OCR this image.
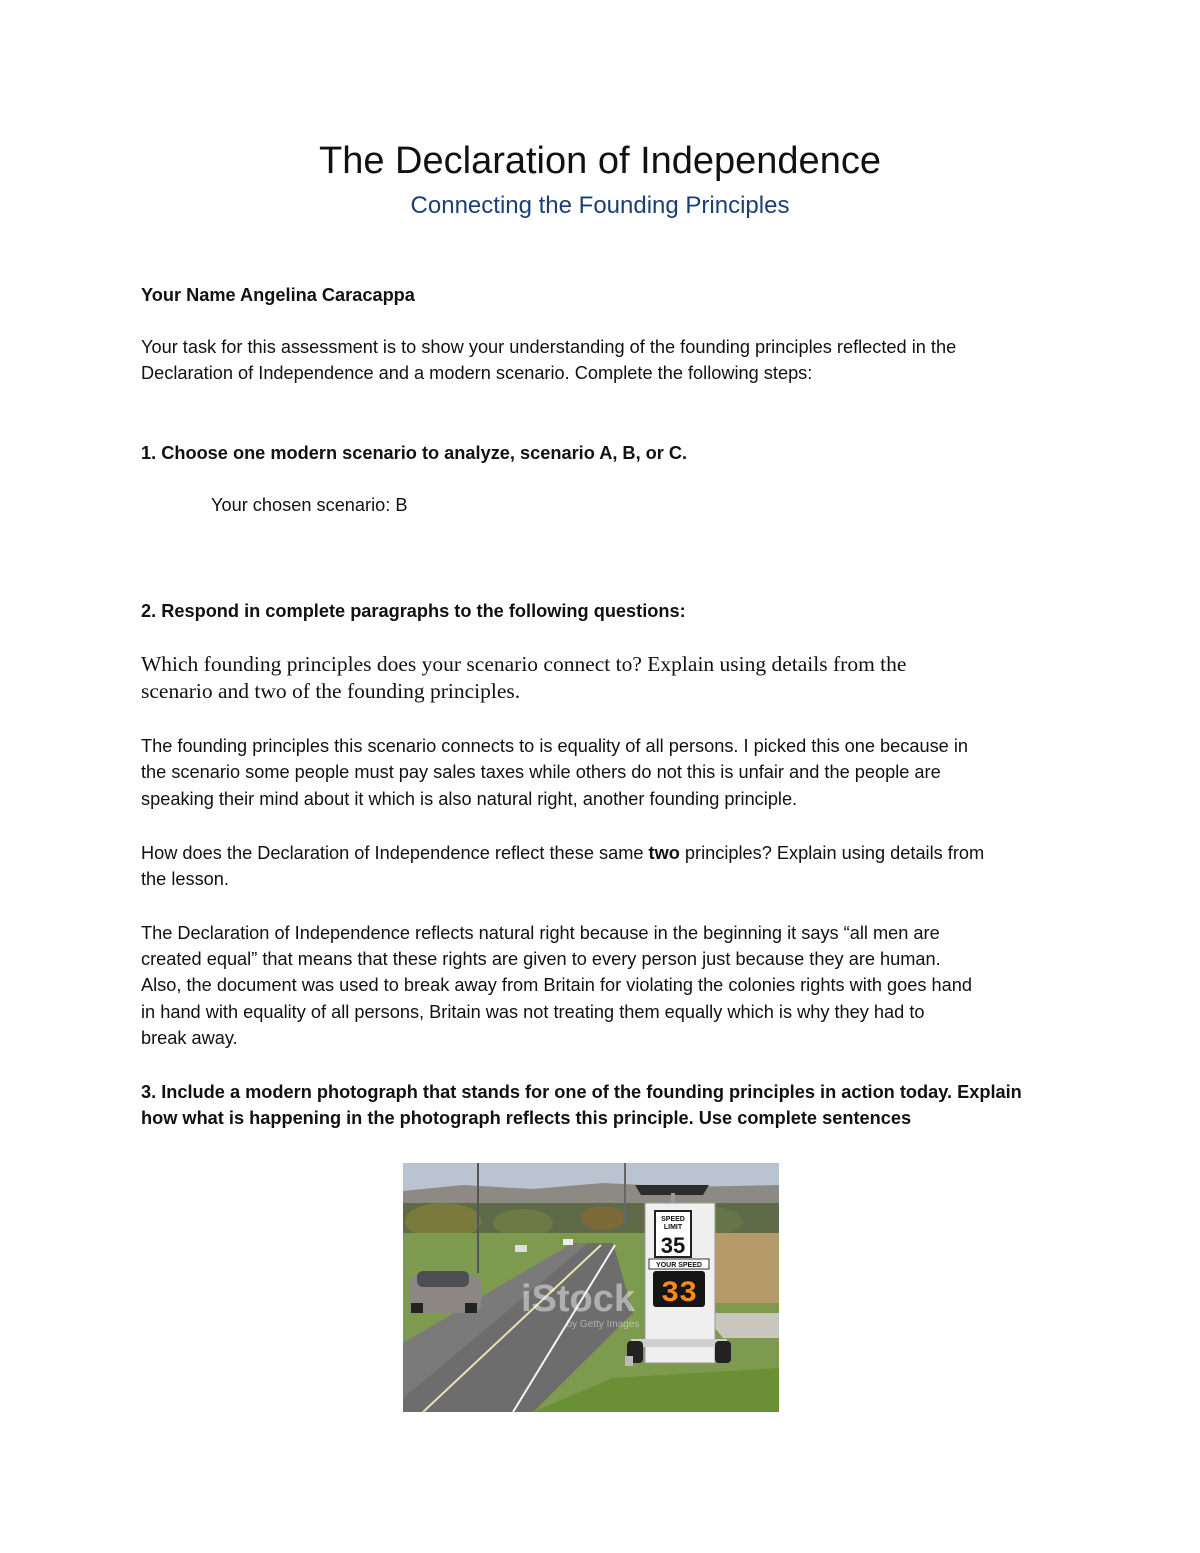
The Declaration of Independence
Connecting the Founding Principles
Your Name Angelina Caracappa
Your task for this assessment is to show your understanding of the founding principles reflected in the
Declaration of Independence and a modern scenario. Complete the following steps:
1. Choose one modern scenario to analyze, scenario A, B, or C.
Your chosen scenario: B
2. Respond in complete paragraphs to the following questions:
Which founding principles does your scenario connect to? Explain using details from the
scenario and two of the founding principles.
The founding principles this scenario connects to is equality of all persons. I picked this one because in
the scenario some people must pay sales taxes while others do not this is unfair and the people are
speaking their mind about it which is also natural right, another founding principle.
How does the Declaration of Independence reflect these same two principles? Explain using details from
the lesson.
The Declaration of Independence reflects natural right because in the beginning it says “all men are
created equal” that means that these rights are given to every person just because they are human.
Also, the document was used to break away from Britain for violating the colonies rights with goes hand
in hand with equality of all persons, Britain was not treating them equally which is why they had to
break away.
3. Include a modern photograph that stands for one of the founding principles in action today. Explain
how what is happening in the photograph reflects this principle. Use complete sentences
SPEED
LIMIT
35
YOUR SPEED
33
iStock
by Getty Images
